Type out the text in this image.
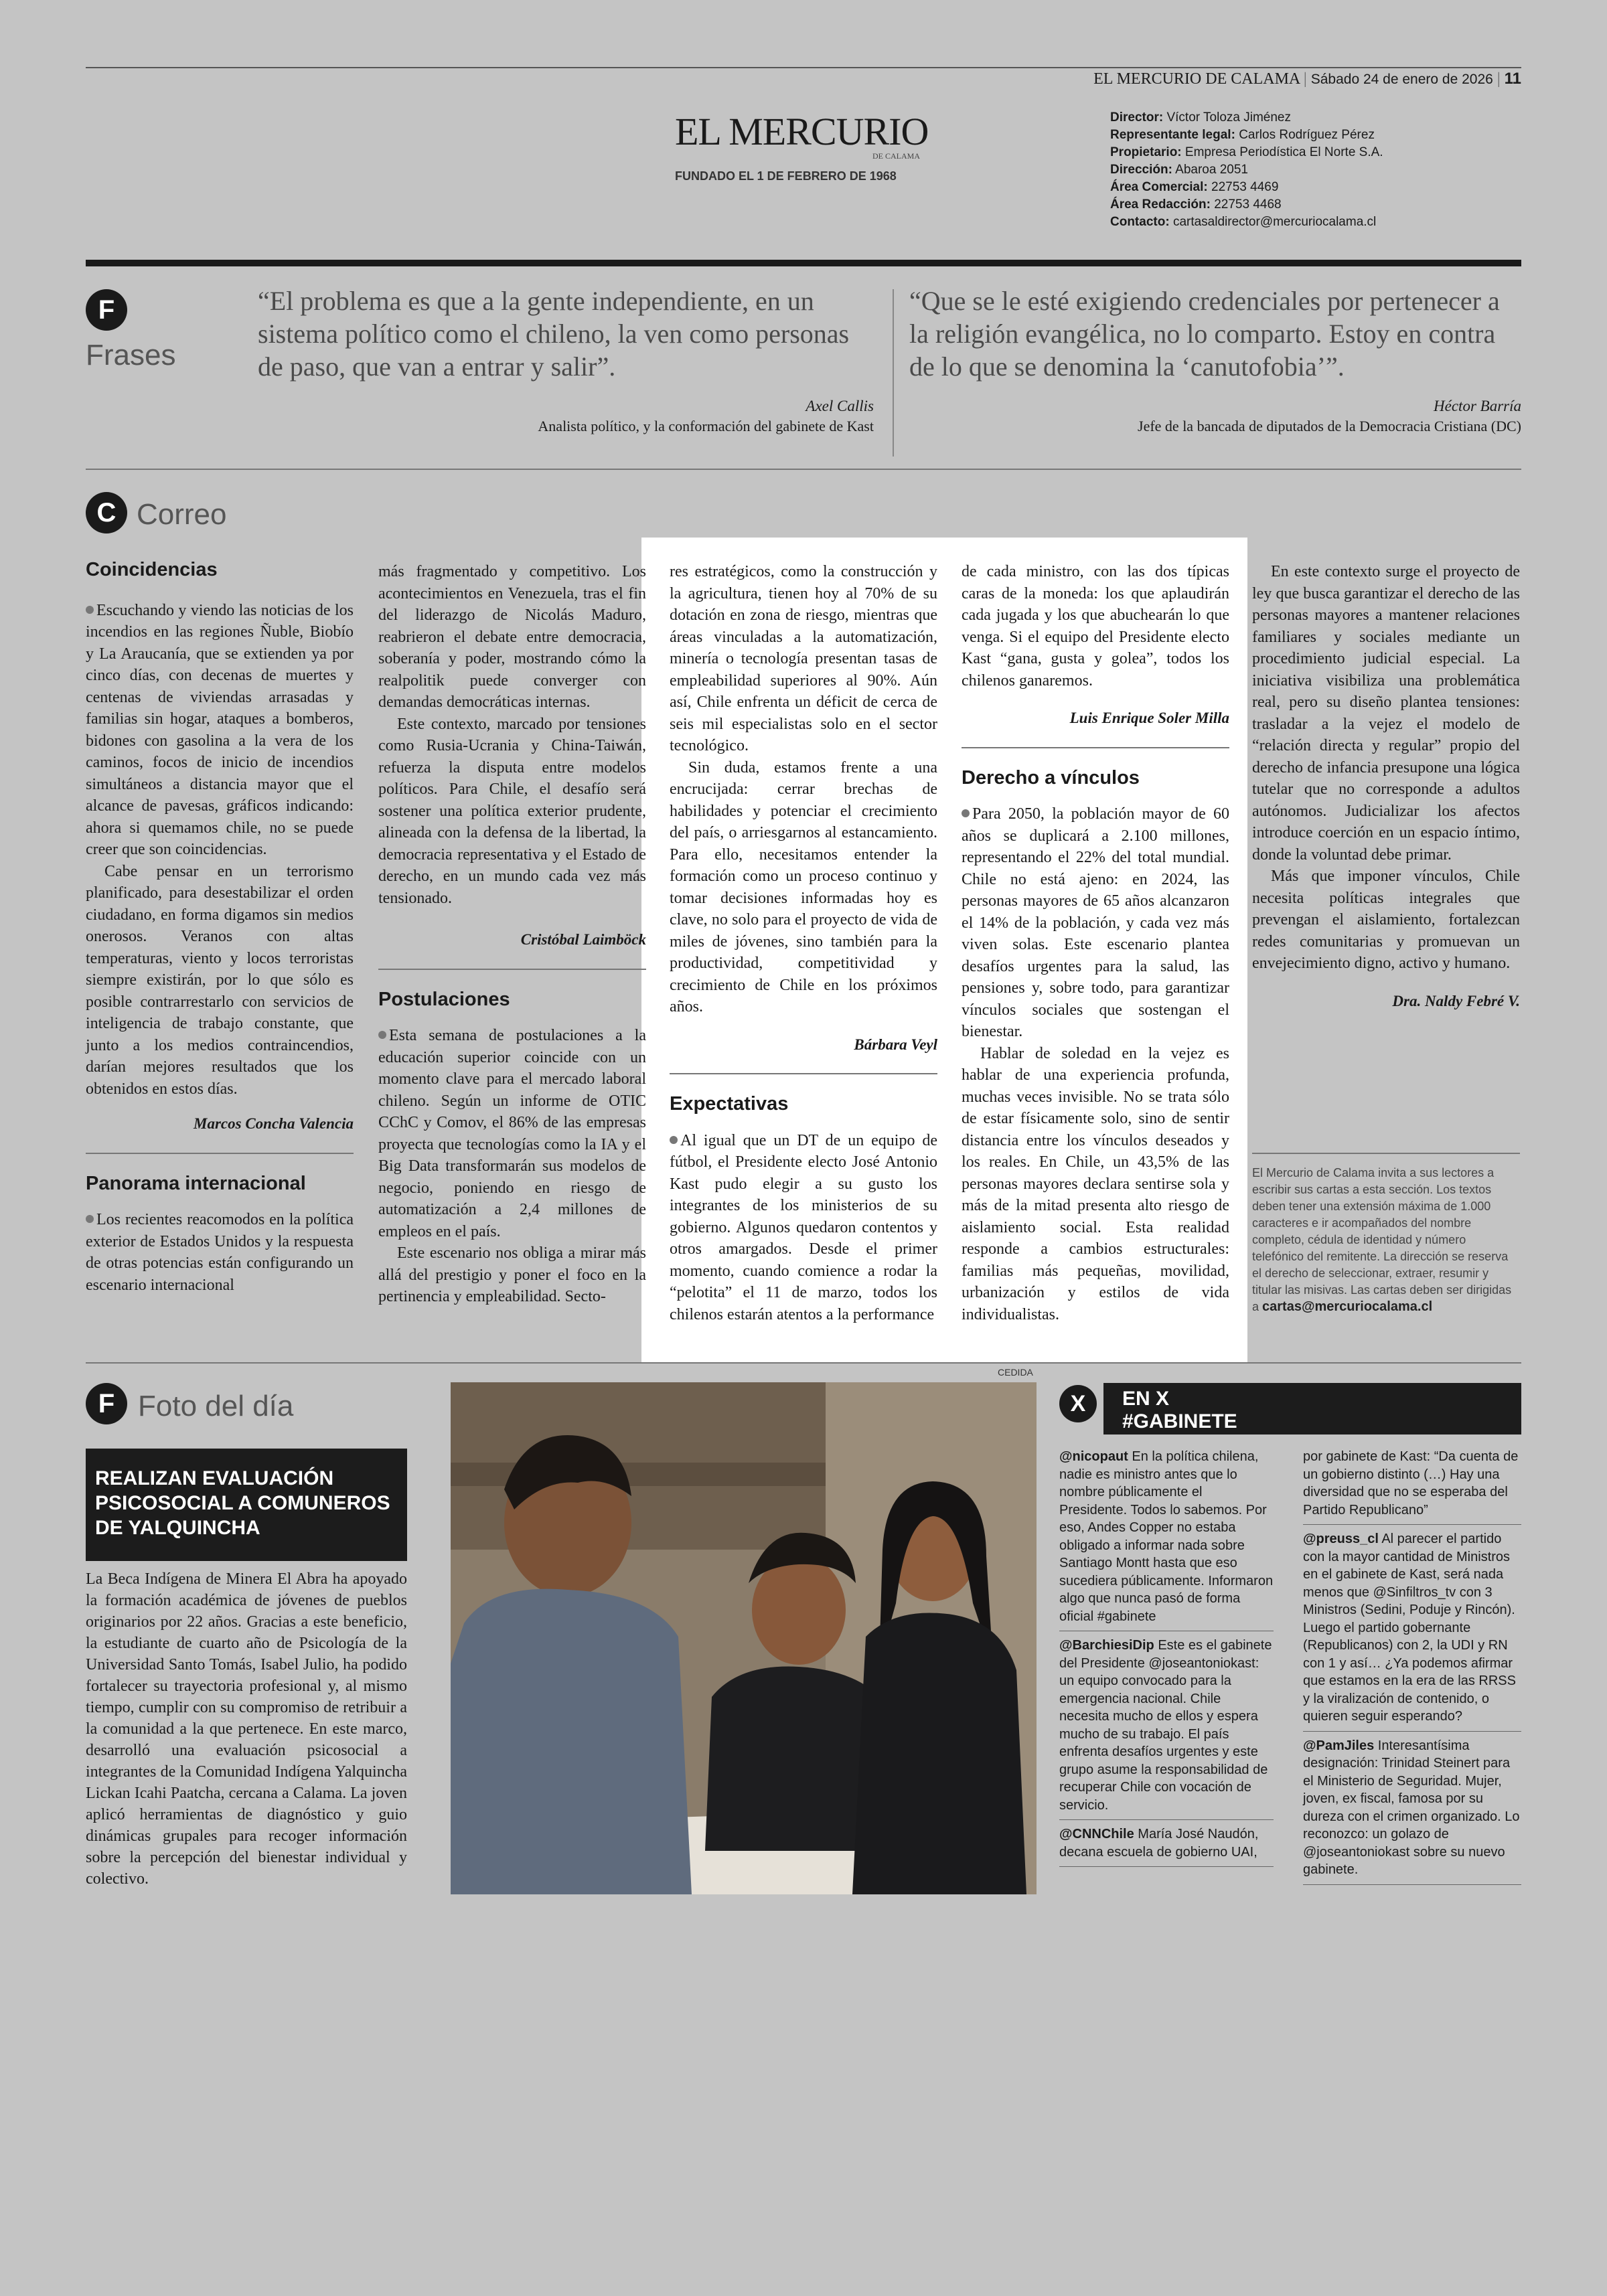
EL MERCURIO DE CALAMA | Sábado 24 de enero de 2026 | 11
EL MERCURIO
DE CALAMA
FUNDADO EL 1 DE FEBRERO DE 1968
Director: Víctor Toloza Jiménez
Representante legal: Carlos Rodríguez Pérez
Propietario: Empresa Periodística El Norte S.A.
Dirección: Abaroa 2051
Área Comercial: 22753 4469
Área Redacción: 22753 4468
Contacto: cartasaldirector@mercuriocalama.cl
F
Frases
“El problema es que a la gente independiente, en un sistema político como el chileno, la ven como personas de paso, que van a entrar y salir”.
Axel Callis
Analista político, y la conformación del gabinete de Kast
“Que se le esté exigiendo credenciales por pertenecer a la religión evangélica, no lo comparto. Estoy en contra de lo que se denomina la ‘canutofobia’”.
Héctor Barría
Jefe de la bancada de diputados de la Democracia Cristiana (DC)
C Correo
Coincidencias

Escuchando y viendo las noticias de los incendios en las regiones Ñuble, Biobío y La Araucanía, que se extienden ya por cinco días, con decenas de muertes y centenas de viviendas arrasadas y familias sin hogar, ataques a bomberos, bidones con gasolina a la vera de los caminos, focos de inicio de incendios simultáneos a distancia mayor que el alcance de pavesas, gráficos indicando: ahora si quemamos chile, no se puede creer que son coincidencias.

Cabe pensar en un terrorismo planificado, para desestabilizar el orden ciudadano, en forma digamos sin medios onerosos. Veranos con altas temperaturas, viento y locos terroristas siempre existirán, por lo que sólo es posible contrarrestarlo con servicios de inteligencia de trabajo constante, que junto a los medios contraincendios, darían mejores resultados que los obtenidos en estos días.

Marcos Concha Valencia
Panorama internacional

Los recientes reacomodos en la política exterior de Estados Unidos y la respuesta de otras potencias están configurando un escenario internacional

más fragmentado y competitivo. Los acontecimientos en Venezuela, tras el fin del liderazgo de Nicolás Maduro, reabrieron el debate entre democracia, soberanía y poder, mostrando cómo la realpolitik puede converger con demandas democráticas internas.

Este contexto, marcado por tensiones como Rusia-Ucrania y China-Taiwán, refuerza la disputa entre modelos políticos. Para Chile, el desafío será sostener una política exterior prudente, alineada con la defensa de la libertad, la democracia representativa y el Estado de derecho, en un mundo cada vez más tensionado.

Cristóbal Laimböck
Postulaciones

Esta semana de postulaciones a la educación superior coincide con un momento clave para el mercado laboral chileno. Según un informe de OTIC CChC y Comov, el 86% de las empresas proyecta que tecnologías como la IA y el Big Data transformarán sus modelos de negocio, poniendo en riesgo de automatización a 2,4 millones de empleos en el país.

Este escenario nos obliga a mirar más allá del prestigio y poner el foco en la pertinencia y empleabilidad. Secto-

res estratégicos, como la construcción y la agricultura, tienen hoy al 70% de su dotación en zona de riesgo, mientras que áreas vinculadas a la automatización, minería o tecnología presentan tasas de empleabilidad superiores al 90%. Aún así, Chile enfrenta un déficit de cerca de seis mil especialistas solo en el sector tecnológico.

Sin duda, estamos frente a una encrucijada: cerrar brechas de habilidades y potenciar el crecimiento del país, o arriesgarnos al estancamiento. Para ello, necesitamos entender la formación como un proceso continuo y tomar decisiones informadas hoy es clave, no solo para el proyecto de vida de miles de jóvenes, sino también para la productividad, competitividad y crecimiento de Chile en los próximos años.

Bárbara Veyl
Expectativas

Al igual que un DT de un equipo de fútbol, el Presidente electo José Antonio Kast pudo elegir a su gusto los integrantes de los ministerios de su gobierno. Algunos quedaron contentos y otros amargados. Desde el primer momento, cuando comience a rodar la “pelotita” el 11 de marzo, todos los chilenos estarán atentos a la performance

de cada ministro, con las dos típicas caras de la moneda: los que aplaudirán cada jugada y los que abuchearán lo que venga. Si el equipo del Presidente electo Kast “gana, gusta y golea”, todos los chilenos ganaremos.

Luis Enrique Soler Milla
Derecho a vínculos

Para 2050, la población mayor de 60 años se duplicará a 2.100 millones, representando el 22% del total mundial. Chile no está ajeno: en 2024, las personas mayores de 65 años alcanzaron el 14% de la población, y cada vez más viven solas. Este escenario plantea desafíos urgentes para la salud, las pensiones y, sobre todo, para garantizar vínculos sociales que sostengan el bienestar.

Hablar de soledad en la vejez es hablar de una experiencia profunda, muchas veces invisible. No se trata sólo de estar físicamente solo, sino de sentir distancia entre los vínculos deseados y los reales. En Chile, un 43,5% de las personas mayores declara sentirse sola y más de la mitad presenta alto riesgo de aislamiento social. Esta realidad responde a cambios estructurales: familias más pequeñas, movilidad, urbanización y estilos de vida individualistas.

En este contexto surge el proyecto de ley que busca garantizar el derecho de las personas mayores a mantener relaciones familiares y sociales mediante un procedimiento judicial especial. La iniciativa visibiliza una problemática real, pero su diseño plantea tensiones: trasladar a la vejez el modelo de “relación directa y regular” propio del derecho de infancia presupone una lógica tutelar que no corresponde a adultos autónomos. Judicializar los afectos introduce coerción en un espacio íntimo, donde la voluntad debe primar.

Más que imponer vínculos, Chile necesita políticas integrales que prevengan el aislamiento, fortalezcan redes comunitarias y promuevan un envejecimiento digno, activo y humano.

Dra. Naldy Febré V.
El Mercurio de Calama invita a sus lectores a escribir sus cartas a esta sección. Los textos deben tener una extensión máxima de 1.000 caracteres e ir acompañados del nombre completo, cédula de identidad y número telefónico del remitente. La dirección se reserva el derecho de seleccionar, extraer, resumir y titular las misivas. Las cartas deben ser dirigidas a cartas@mercuriocalama.cl
F Foto del día
REALIZAN EVALUACIÓN PSICOSOCIAL A COMUNEROS DE YALQUINCHA
La Beca Indígena de Minera El Abra ha apoyado la formación académica de jóvenes de pueblos originarios por 22 años. Gracias a este beneficio, la estudiante de cuarto año de Psicología de la Universidad Santo Tomás, Isabel Julio, ha podido fortalecer su trayectoria profesional y, al mismo tiempo, cumplir con su compromiso de retribuir a la comunidad a la que pertenece. En este marco, desarrolló una evaluación psicosocial a integrantes de la Comunidad Indígena Yalquincha Lickan Icahi Paatcha, cercana a Calama. La joven aplicó herramientas de diagnóstico y guio dinámicas grupales para recoger información sobre la percepción del bienestar individual y colectivo.
CEDIDA
X	EN X
#GABINETE
@nicopaut En la política chilena, nadie es ministro antes que lo nombre públicamente el Presidente. Todos lo sabemos. Por eso, Andes Copper no estaba obligado a informar nada sobre Santiago Montt hasta que eso sucediera públicamente. Informaron algo que nunca pasó de forma oficial #gabinete
@BarchiesiDip Este es el gabinete del Presidente @joseantoniokast: un equipo convocado para la emergencia nacional. Chile necesita mucho de ellos y espera mucho de su trabajo. El país enfrenta desafíos urgentes y este grupo asume la responsabilidad de recuperar Chile con vocación de servicio.
@CNNChile María José Naudón, decana escuela de gobierno UAI,
por gabinete de Kast: “Da cuenta de un gobierno distinto (…) Hay una diversidad que no se esperaba del Partido Republicano”
@preuss_cl Al parecer el partido con la mayor cantidad de Ministros en el gabinete de Kast, será nada menos que @Sinfiltros_tv con 3 Ministros (Sedini, Poduje y Rincón). Luego el partido gobernante (Republicanos) con 2, la UDI y RN con 1 y así… ¿Ya podemos afirmar que estamos en la era de las RRSS y la viralización de contenido, o quieren seguir esperando?
@PamJiles Interesantísima designación: Trinidad Steinert para el Ministerio de Seguridad. Mujer, joven, ex fiscal, famosa por su dureza con el crimen organizado. Lo reconozco: un golazo de @joseantoniokast sobre su nuevo gabinete.
